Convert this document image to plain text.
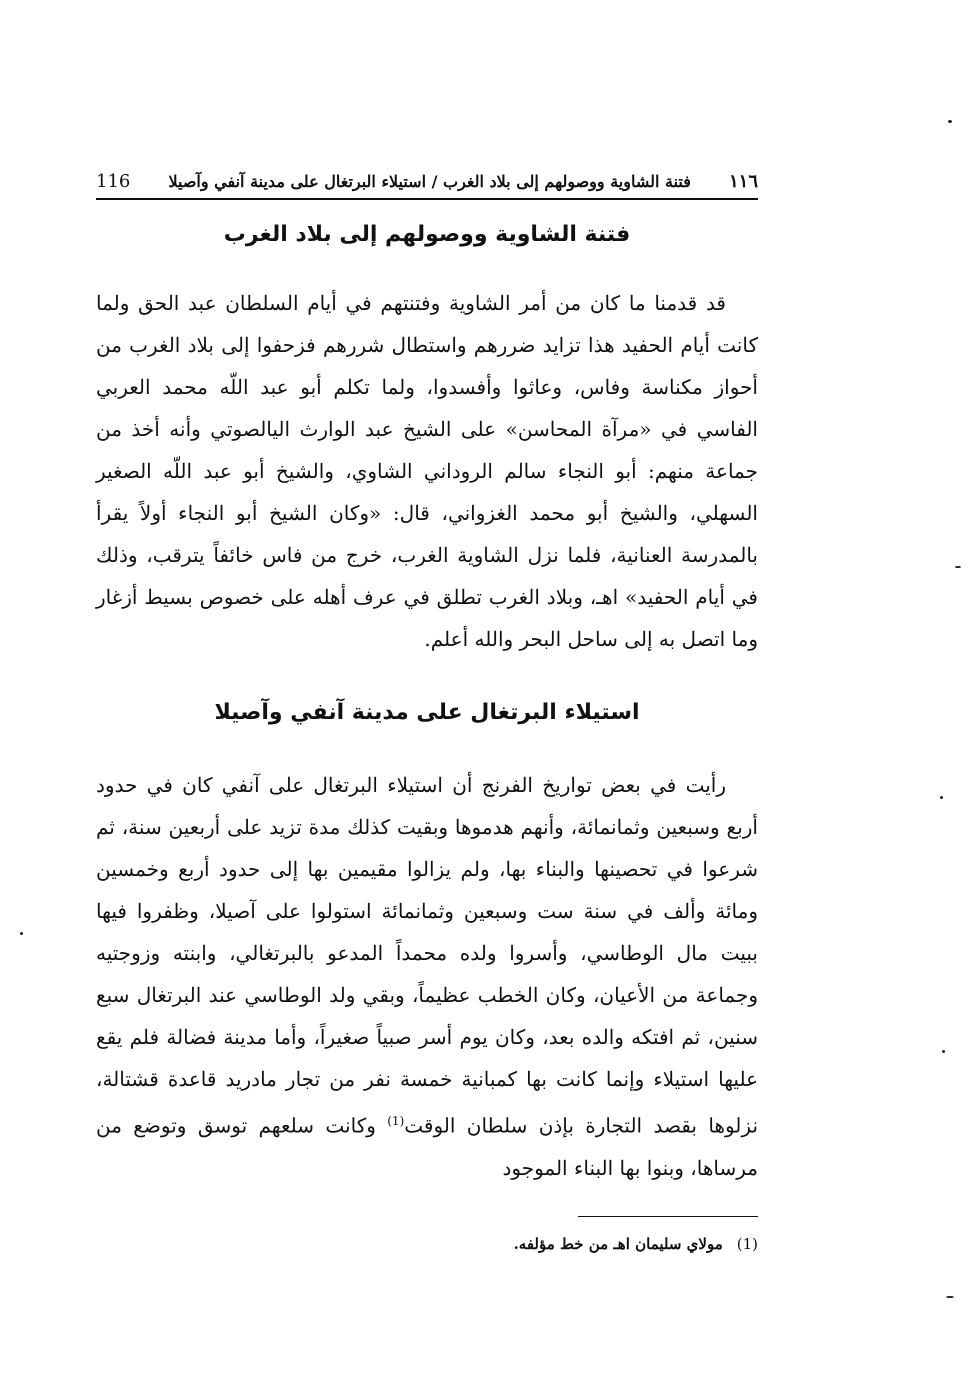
١١٦
فتنة الشاوية ووصولهم إلى بلاد الغرب / استيلاء البرتغال على مدينة آنفي وآصيلا
116
فتنة الشاوية ووصولهم إلى بلاد الغرب

قد قدمنا ما كان من أمر الشاوية وفتنتهم في أيام السلطان عبد الحق ولما كانت أيام الحفيد هذا تزايد ضررهم واستطال شررهم فزحفوا إلى بلاد الغرب من أحواز مكناسة وفاس، وعاثوا وأفسدوا، ولما تكلم أبو عبد اللّه محمد العربي الفاسي في «مرآة المحاسن» على الشيخ عبد الوارث اليالصوتي وأنه أخذ من جماعة منهم: أبو النجاء سالم الروداني الشاوي، والشيخ أبو عبد اللّه الصغير السهلي، والشيخ أبو محمد الغزواني، قال: «وكان الشيخ أبو النجاء أولاً يقرأ بالمدرسة العنانية، فلما نزل الشاوية الغرب، خرج من فاس خائفاً يترقب، وذلك في أيام الحفيد» اهـ، وبلاد الغرب تطلق في عرف أهله على خصوص بسيط أزغار وما اتصل به إلى ساحل البحر والله أعلم.

استيلاء البرتغال على مدينة آنفي وآصيلا

رأيت في بعض تواريخ الفرنج أن استيلاء البرتغال على آنفي كان في حدود أربع وسبعين وثمانمائة، وأنهم هدموها وبقيت كذلك مدة تزيد على أربعين سنة، ثم شرعوا في تحصينها والبناء بها، ولم يزالوا مقيمين بها إلى حدود أربع وخمسين ومائة وألف في سنة ست وسبعين وثمانمائة استولوا على آصيلا، وظفروا فيها ببيت مال الوطاسي، وأسروا ولده محمداً المدعو بالبرتغالي، وابنته وزوجتيه وجماعة من الأعيان، وكان الخطب عظيماً، وبقي ولد الوطاسي عند البرتغال سبع سنين، ثم افتكه والده بعد، وكان يوم أسر صبياً صغيراً، وأما مدينة فضالة فلم يقع عليها استيلاء وإنما كانت بها كمبانية خمسة نفر من تجار مادريد قاعدة قشتالة، نزلوها بقصد التجارة بإذن سلطان الوقت$^{(1)}$ وكانت سلعهم توسق وتوضع من مرساها، وبنوا بها البناء الموجود

(1)مولاي سليمان اهـ من خط مؤلفه.
